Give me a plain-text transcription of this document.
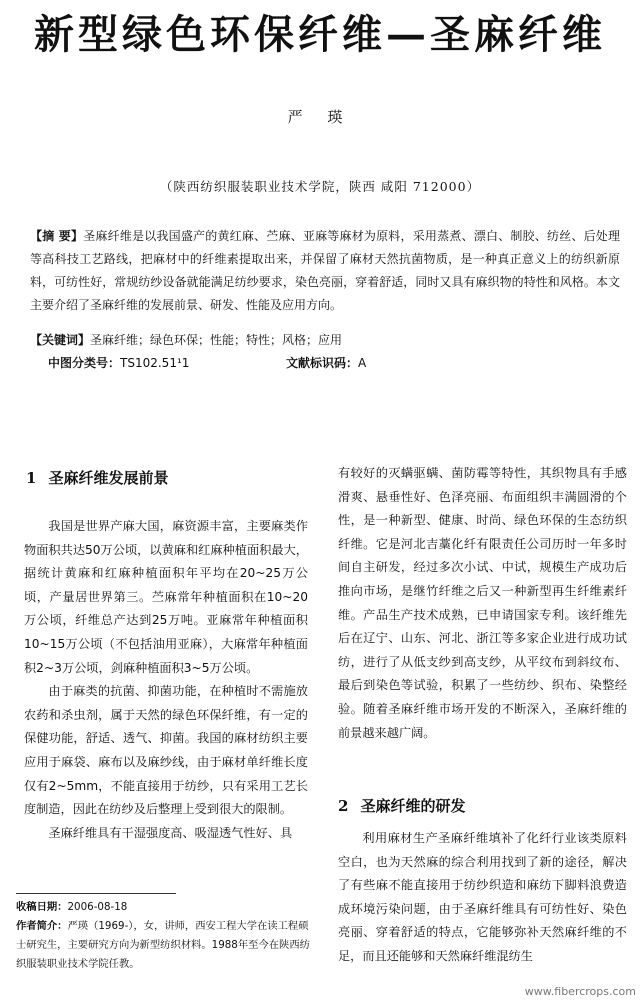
新型绿色环保纤维—圣麻纤维
严 瑛
（陕西纺织服装职业技术学院，陕西 咸阳 712000）
【摘 要】圣麻纤维是以我国盛产的黄红麻、苎麻、亚麻等麻材为原料，采用蒸煮、漂白、制胶、纺丝、后处理等高科技工艺路线，把麻材中的纤维素提取出来，并保留了麻材天然抗菌物质，是一种真正意义上的纺织新原料，可纺性好，常规纺纱设备就能满足纺纱要求，染色亮丽，穿着舒适，同时又具有麻织物的特性和风格。本文主要介绍了圣麻纤维的发展前景、研发、性能及应用方向。
【关键词】圣麻纤维；绿色环保；性能；特性；风格；应用
中图分类号：TS102.51¹1	文献标识码：A
1 圣麻纤维发展前景

我国是世界产麻大国，麻资源丰富，主要麻类作物面积共达50万公顷，以黄麻和红麻种植面积最大，据统计黄麻和红麻种植面积年平均在20~25万公顷，产量居世界第三。苎麻常年种植面积在10~20万公顷，纤维总产达到25万吨。亚麻常年种植面积10~15万公顷（不包括油用亚麻），大麻常年种植面积2~3万公顷，剑麻种植面积3~5万公顷。

由于麻类的抗菌、抑菌功能，在种植时不需施放农药和杀虫剂，属于天然的绿色环保纤维，有一定的保健功能，舒适、透气、抑菌。我国的麻材纺织主要应用于麻袋、麻布以及麻纱线，由于麻材单纤维长度仅有2~5mm，不能直接用于纺纱，只有采用工艺长度制造，因此在纺纱及后整理上受到很大的限制。

圣麻纤维具有干湿强度高、吸湿透气性好、具

有较好的灭螨驱螨、菌防霉等特性，其织物具有手感滑爽、悬垂性好、色泽亮丽、布面组织丰满圆滑的个性，是一种新型、健康、时尚、绿色环保的生态纺织纤维。它是河北吉藁化纤有限责任公司历时一年多时间自主研发，经过多次小试、中试，规模生产成功后推向市场，是继竹纤维之后又一种新型再生纤维素纤维。产品生产技术成熟，已申请国家专利。该纤维先后在辽宁、山东、河北、浙江等多家企业进行成功试纺，进行了从低支纱到高支纱，从平纹布到斜纹布、最后到染色等试验，积累了一些纺纱、织布、染整经验。随着圣麻纤维市场开发的不断深入，圣麻纤维的前景越来越广阔。

2 圣麻纤维的研发

利用麻材生产圣麻纤维填补了化纤行业该类原料空白，也为天然麻的综合利用找到了新的途径，解决了有些麻不能直接用于纺纱织造和麻纺下脚料浪费造成环境污染问题，由于圣麻纤维具有可纺性好、染色亮丽、穿着舒适的特点，它能够弥补天然麻纤维的不足，而且还能够和天然麻纤维混纺生

收稿日期：2006-08-18
作者简介：严瑛（1969-），女，讲师，西安工程大学在读工程硕士研究生，主要研究方向为新型纺织材料。1988年至今在陕西纺织服装职业技术学院任教。
www.fibercrops.com
